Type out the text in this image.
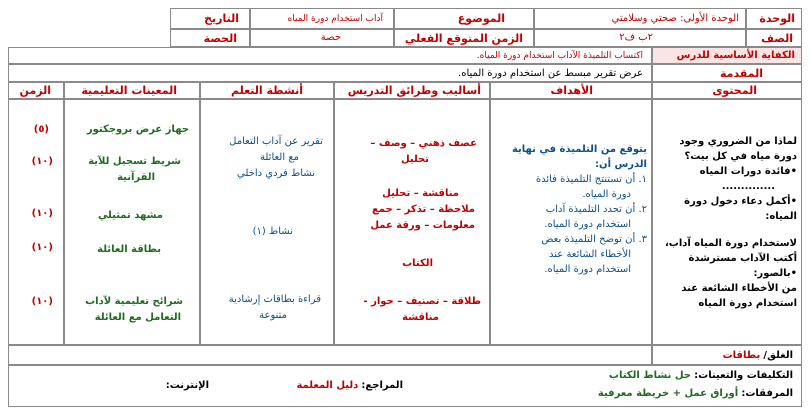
الوحدة
الوحدة الأولى: صحتي وسلامتي
الموضوع
آداب استخدام دورة المياه
التاريخ
الصف
٢ب ف٢
الزمن المتوقع الفعلي
حصة
الحصة
الكفاية الأساسية للدرس
اكتساب التلميذة الآداب استخدام دورة المياه.
المقدمة
عرض تقرير مبسط عن استخدام دورة المياه.
المحتوى
الأهداف
أساليب وطرائق التدريس
أنشطة التعلم
المعينات التعليمية
الزمن
لماذا من الضروري وجود
دورة مياه في كل بيت؟
• فائدة دورات المياه
..............
• أكمل دعاء دخول دورة
المياه:
لاستخدام دورة المياه آداب،
أكتب الآداب مسترشدة
• بالصور:
من الأخطاء الشائعة عند
استخدام دورة المياه
يتوقع من التلميذة في نهاية
الدرس أن:
١. أن تستنتج التلميذة فائدة
دورة المياه.
٢. أن تحدد التلميذة آداب
استخدام دورة المياه.
٣. أن توضح التلميذة بعض
الأخطاء الشائعة عند
استخدام دورة المياه.
عصف ذهني – وصف –
تحليل
مناقشة – تحليل
ملاحظة – تذكر – جمع
معلومات – ورقة عمل
الكتاب
طلاقة – تصنيف – حوار -
مناقشة
تقرير عن آداب التعامل
مع العائلة
نشاط فردي داخلي
نشاط (١)
قراءة بطاقات إرشادية
متنوعة
جهاز عرض بروجكتور
شريط تسجيل للآية
القرآنية
مشهد تمثيلي
بطاقة العائلة
شرائح تعليمية لآداب
التعامل مع العائلة
(٥)
(١٠)
(١٠)
(١٠)
(١٠)
الغلق/ بطاقات
التكليفات والتعينات: حل نشاط الكتاب
المرفقات: أوراق عمل + خريطة معرفية
المراجع: دليل المعلمة
الإنترنت:
